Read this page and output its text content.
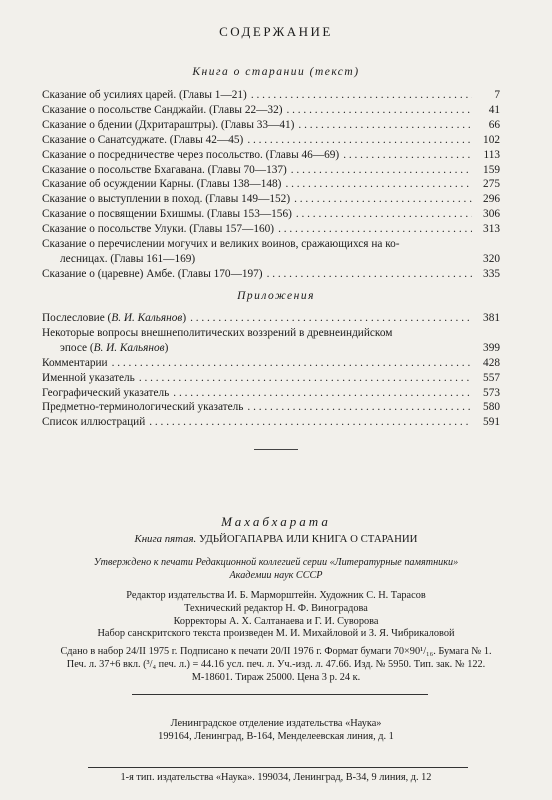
СОДЕРЖАНИЕ
Книга о старании (текст)
Сказание об усилиях царей. (Главы 1—21) . . .	7
Сказание о посольстве Санджайи. (Главы 22—32) . . .	41
Сказание о бдении (Дхритараштры). (Главы 33—41) . . .	66
Сказание о Санатсуджате. (Главы 42—45) . . .	102
Сказание о посредничестве через посольство. (Главы 46—69) . . .	113
Сказание о посольстве Бхагавана. (Главы 70—137) . . .	159
Сказание об осуждении Карны. (Главы 138—148) . . .	275
Сказание о выступлении в поход. (Главы 149—152) . . .	296
Сказание о посвящении Бхишмы. (Главы 153—156) . . .	306
Сказание о посольстве Улуки. (Главы 157—160) . . .	313
Сказание о перечислении могучих и великих воинов, сражающихся на ко-
лесницах. (Главы 161—169)	320
Сказание о (царевне) Амбе. (Главы 170—197) . . .	335
Приложения
Послесловие (В. И. Кальянов) . . .	381
Некоторые вопросы внешнеполитических воззрений в древнеиндийском
эпосе (В. И. Кальянов)	399
Комментарии . . .	428
Именной указатель . . .	557
Географический указатель . . .	573
Предметно-терминологический указатель . . .	580
Список иллюстраций . . .	591
Махабхарата
Книга пятая. УДЬЙОГАПАРВА ИЛИ КНИГА О СТАРАНИИ
Утверждено к печати Редакционной коллегией серии «Литературные памятники»
Академии наук СССР
Редактор издательства И. Б. Марморштейн. Художник С. Н. Тарасов
Технический редактор Н. Ф. Виноградова
Корректоры А. Х. Салтанаева и Г. И. Суворова
Набор санскритского текста произведен М. И. Михайловой и З. Я. Чибрикаловой
Сдано в набор 24/II 1975 г. Подписано к печати 20/II 1976 г. Формат бумаги 70×90¹/₁₆. Бумага № 1.
Печ. л. 37+6 вкл. (³/₄ печ. л.) = 44.16 усл. печ. л. Уч.-изд. л. 47.66. Изд. № 5950. Тип. зак. № 122.
М-18601. Тираж 25000. Цена 3 р. 24 к.
Ленинградское отделение издательства «Наука»
199164, Ленинград, В-164, Менделеевская линия, д. 1
1-я тип. издательства «Наука». 199034, Ленинград, В-34, 9 линия, д. 12
